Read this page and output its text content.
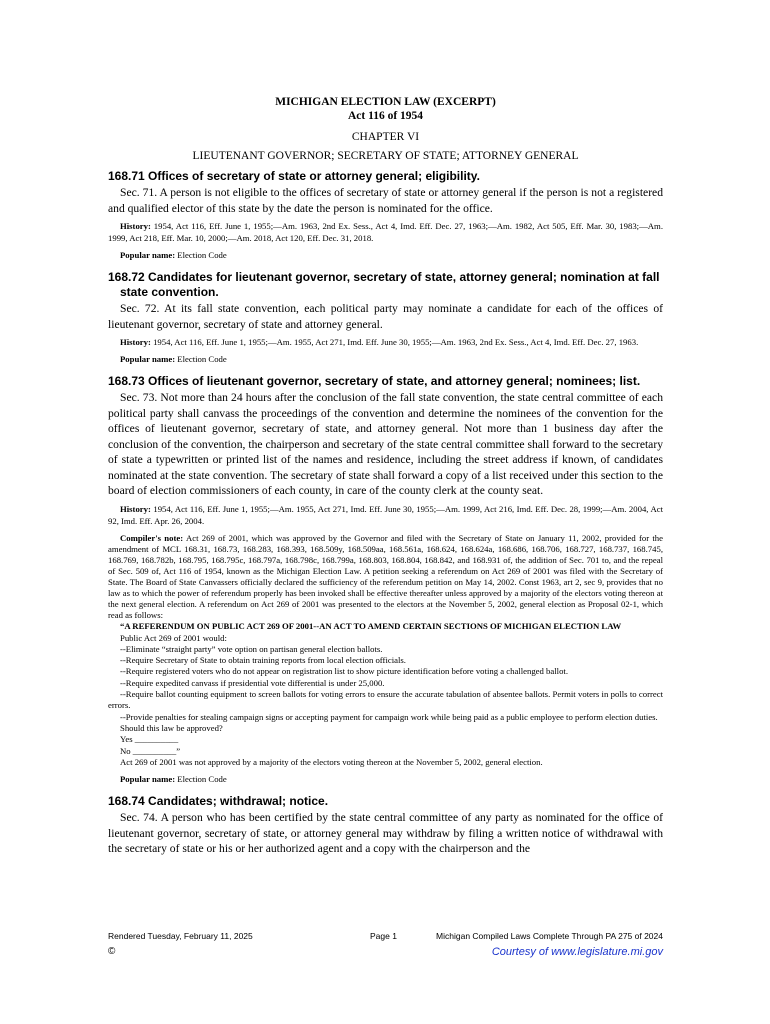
MICHIGAN ELECTION LAW (EXCERPT)
Act 116 of 1954
CHAPTER VI
LIEUTENANT GOVERNOR; SECRETARY OF STATE; ATTORNEY GENERAL
168.71 Offices of secretary of state or attorney general; eligibility.
Sec. 71. A person is not eligible to the offices of secretary of state or attorney general if the person is not a registered and qualified elector of this state by the date the person is nominated for the office.
History: 1954, Act 116, Eff. June 1, 1955;—Am. 1963, 2nd Ex. Sess., Act 4, Imd. Eff. Dec. 27, 1963;—Am. 1982, Act 505, Eff. Mar. 30, 1983;—Am. 1999, Act 218, Eff. Mar. 10, 2000;—Am. 2018, Act 120, Eff. Dec. 31, 2018.
Popular name: Election Code
168.72 Candidates for lieutenant governor, secretary of state, attorney general; nomination at fall state convention.
Sec. 72. At its fall state convention, each political party may nominate a candidate for each of the offices of lieutenant governor, secretary of state and attorney general.
History: 1954, Act 116, Eff. June 1, 1955;—Am. 1955, Act 271, Imd. Eff. June 30, 1955;—Am. 1963, 2nd Ex. Sess., Act 4, Imd. Eff. Dec. 27, 1963.
Popular name: Election Code
168.73 Offices of lieutenant governor, secretary of state, and attorney general; nominees; list.
Sec. 73. Not more than 24 hours after the conclusion of the fall state convention, the state central committee of each political party shall canvass the proceedings of the convention and determine the nominees of the convention for the offices of lieutenant governor, secretary of state, and attorney general. Not more than 1 business day after the conclusion of the convention, the chairperson and secretary of the state central committee shall forward to the secretary of state a typewritten or printed list of the names and residence, including the street address if known, of candidates nominated at the state convention. The secretary of state shall forward a copy of a list received under this section to the board of election commissioners of each county, in care of the county clerk at the county seat.
History: 1954, Act 116, Eff. June 1, 1955;—Am. 1955, Act 271, Imd. Eff. June 30, 1955;—Am. 1999, Act 216, Imd. Eff. Dec. 28, 1999;—Am. 2004, Act 92, Imd. Eff. Apr. 26, 2004.
Compiler's note: Act 269 of 2001, which was approved by the Governor and filed with the Secretary of State on January 11, 2002, provided for the amendment of MCL 168.31, 168.73, 168.283, 168.393, 168.509y, 168.509aa, 168.561a, 168.624, 168.624a, 168.686, 168.706, 168.727, 168.737, 168.745, 168.769, 168.782b, 168.795, 168.795c, 168.797a, 168.798c, 168.799a, 168.803, 168.804, 168.842, and 168.931 of, the addition of Sec. 701 to, and the repeal of Sec. 509 of, Act 116 of 1954, known as the Michigan Election Law. A petition seeking a referendum on Act 269 of 2001 was filed with the Secretary of State. The Board of State Canvassers officially declared the sufficiency of the referendum petition on May 14, 2002. Const 1963, art 2, sec 9, provides that no law as to which the power of referendum properly has been invoked shall be effective thereafter unless approved by a majority of the electors voting thereon at the next general election. A referendum on Act 269 of 2001 was presented to the electors at the November 5, 2002, general election as Proposal 02-1, which read as follows:
“A REFERENDUM ON PUBLIC ACT 269 OF 2001--AN ACT TO AMEND CERTAIN SECTIONS OF MICHIGAN ELECTION LAW
Public Act 269 of 2001 would:
--Eliminate “straight party” vote option on partisan general election ballots.
--Require Secretary of State to obtain training reports from local election officials.
--Require registered voters who do not appear on registration list to show picture identification before voting a challenged ballot.
--Require expedited canvass if presidential vote differential is under 25,000.
--Require ballot counting equipment to screen ballots for voting errors to ensure the accurate tabulation of absentee ballots. Permit voters in polls to correct errors.
--Provide penalties for stealing campaign signs or accepting payment for campaign work while being paid as a public employee to perform election duties.
Should this law be approved?
Yes __________
No __________”
Act 269 of 2001 was not approved by a majority of the electors voting thereon at the November 5, 2002, general election.
Popular name: Election Code
168.74 Candidates; withdrawal; notice.
Sec. 74. A person who has been certified by the state central committee of any party as nominated for the office of lieutenant governor, secretary of state, or attorney general may withdraw by filing a written notice of withdrawal with the secretary of state or his or her authorized agent and a copy with the chairperson and the
Rendered Tuesday, February 11, 2025	Page 1	Michigan Compiled Laws Complete Through PA 275 of 2024
©	Courtesy of www.legislature.mi.gov
